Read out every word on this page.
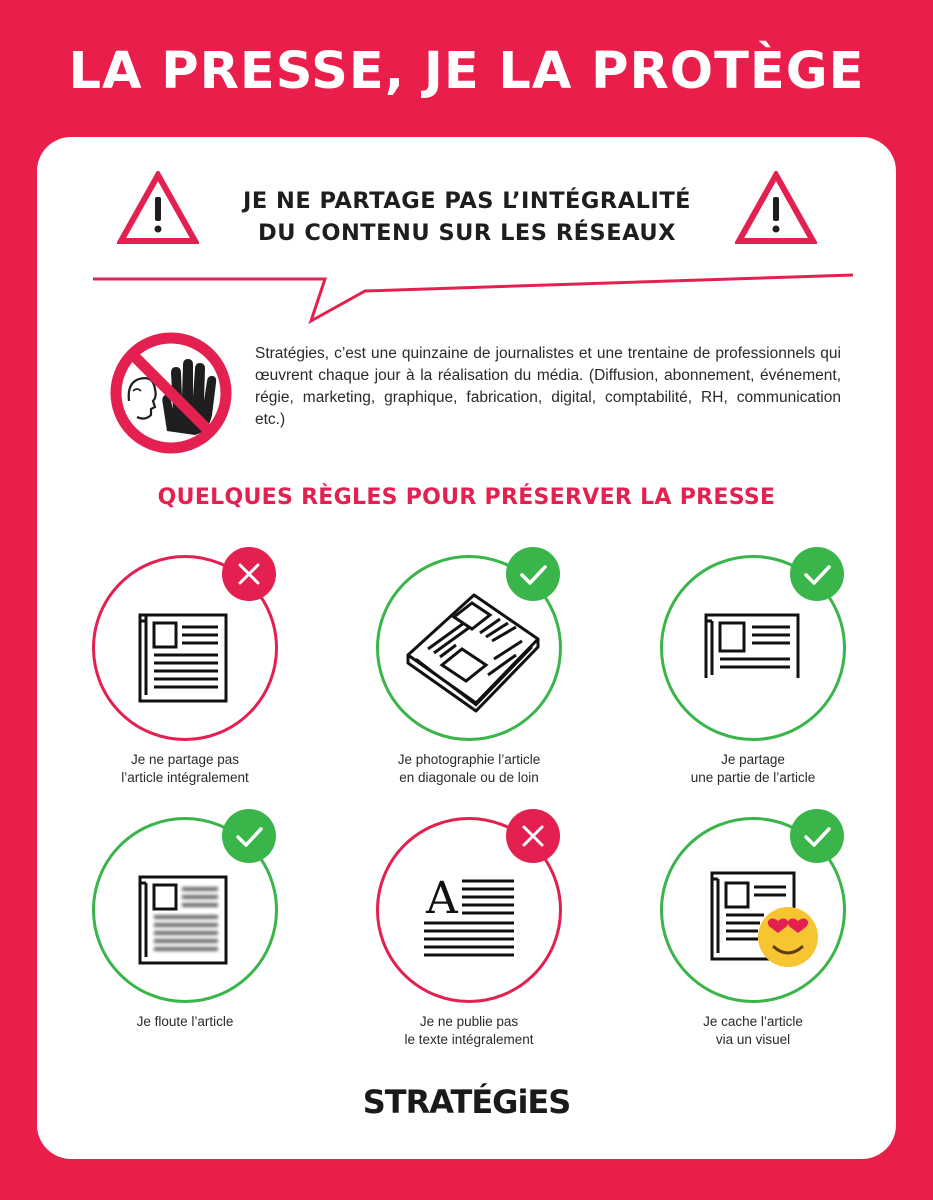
LA PRESSE, JE LA PROTÈGE
JE NE PARTAGE PAS L’INTÉGRALITÉ
DU CONTENU SUR LES RÉSEAUX
Stratégies, c’est une quinzaine de journalistes et une trentaine de professionnels qui œuvrent chaque jour à la réalisation du média. (Diffusion, abonnement, événement, régie, marketing, graphique, fabrication, digital, comptabilité, RH, communication etc.)
QUELQUES RÈGLES POUR PRÉSERVER LA PRESSE
Je ne partage pas
l’article intégralement
Je photographie l’article
en diagonale ou de loin
Je partage
une partie de l’article
Je floute l’article
A
Je ne publie pas
le texte intégralement
Je cache l’article
via un visuel
STRATÉGiES
